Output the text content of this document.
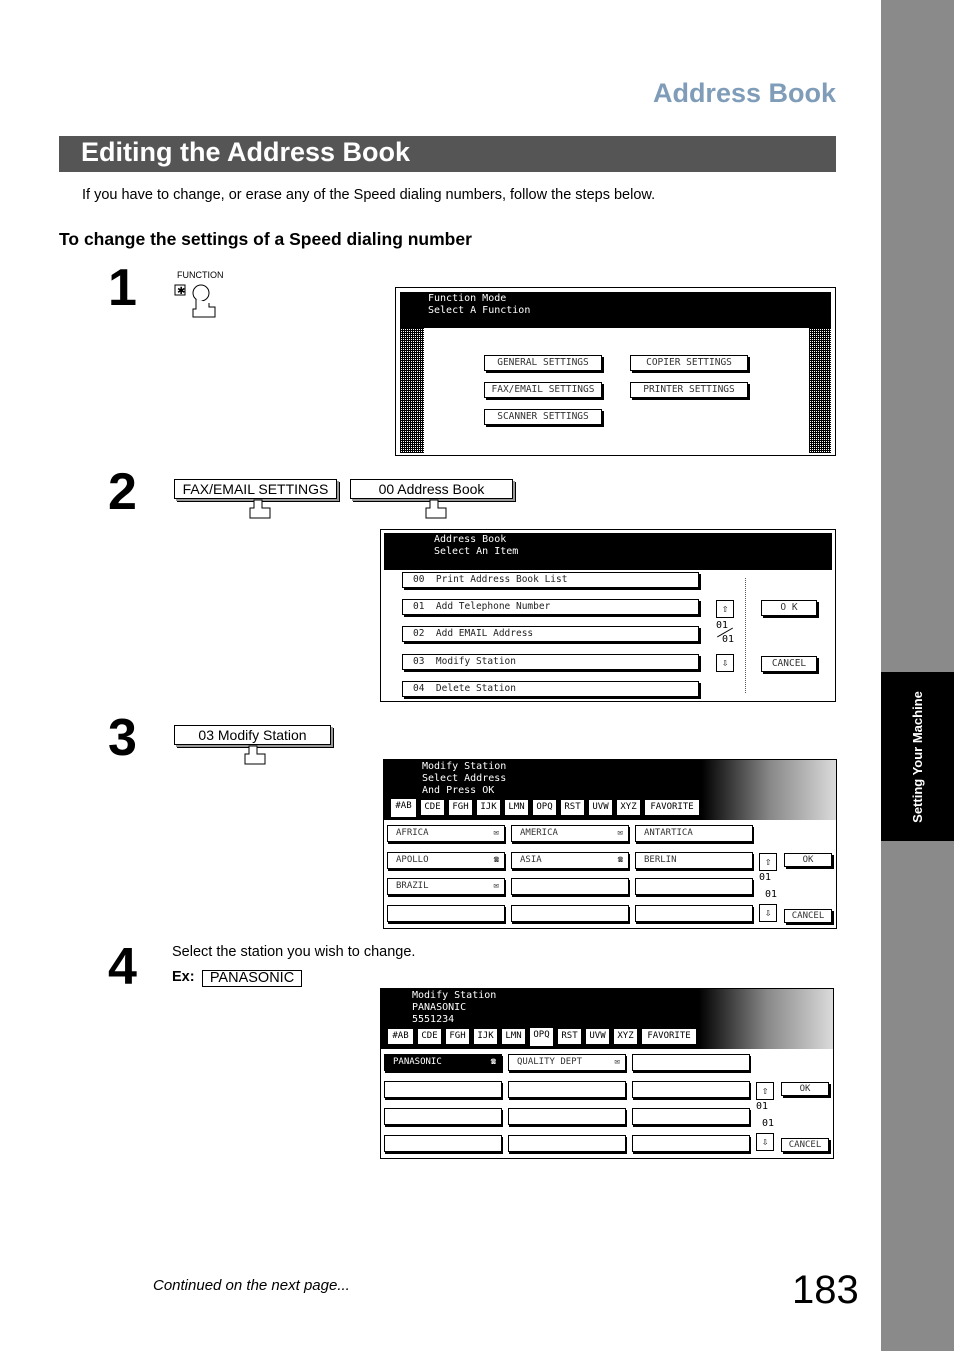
Setting Your Machine
Address Book
Editing the Address Book
If you have to change, or erase any of the Speed dialing numbers, follow the steps below.
To change the settings of a Speed dialing number
1	FUNCTION
✱
Function Mode
Select A Function
GENERAL SETTINGS	COPIER SETTINGS
FAX/EMAIL SETTINGS	PRINTER SETTINGS
SCANNER SETTINGS
2	FAX/EMAIL SETTINGS	00 Address Book
Address Book
Select An Item
00 Print Address Book List
01 Add Telephone Number
02 Add EMAIL Address
03 Modify Station
04 Delete Station
⇧
01
01
⇩
O K
CANCEL
3	03 Modify Station
Modify Station
Select Address
And Press OK
#AB	CDE	FGH	IJK	LMN	OPQ	RST	UVW	XYZ	FAVORITE
AFRICA	✉	AMERICA	✉	ANTARTICA
APOLLO	☎	ASIA	☎	BERLIN
BRAZIL	✉
⇧
01
01
⇩
OK
CANCEL
4 Select the station you wish to change.
Ex:	PANASONIC
Modify Station
PANASONIC
5551234
#AB	CDE	FGH	IJK	LMN	OPQ	RST	UVW	XYZ	FAVORITE
PANASONIC	☎	QUALITY DEPT	✉
⇧
01
01
⇩
OK
CANCEL
Continued on the next page...	183
